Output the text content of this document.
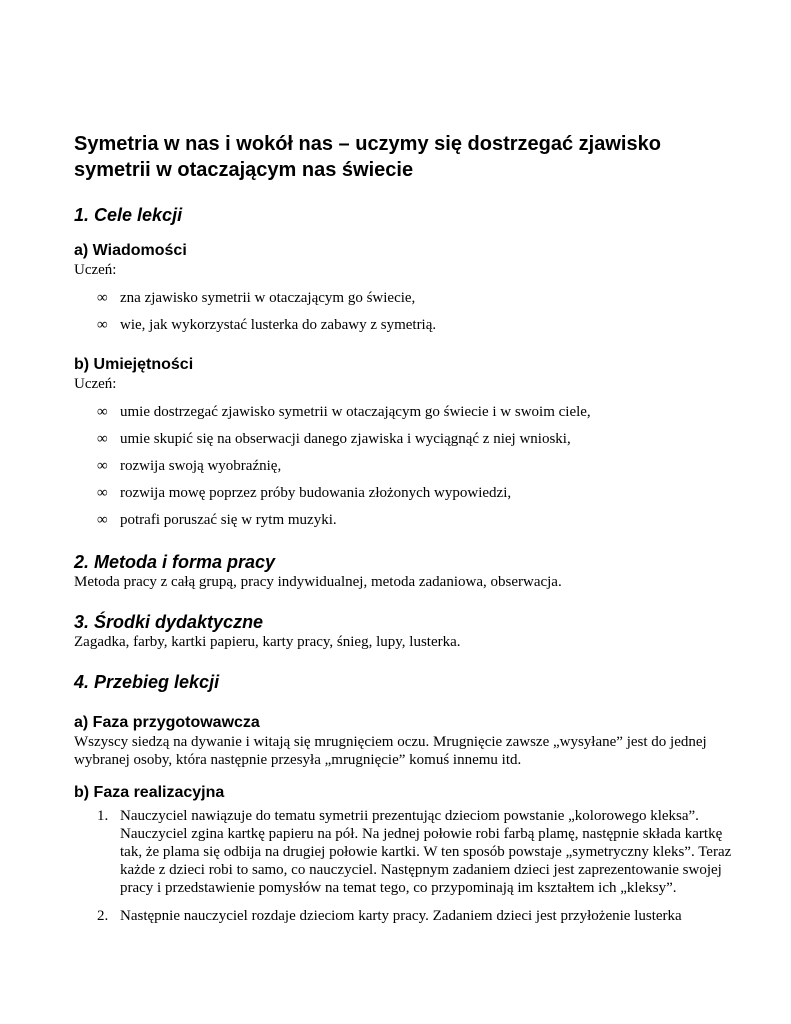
Symetria w nas i wokół nas – uczymy się dostrzegać zjawisko symetrii w otaczającym nas świecie
1. Cele lekcji
a) Wiadomości

Uczeń:

∞ zna zjawisko symetrii w otaczającym go świecie,
∞ wie, jak wykorzystać lusterka do zabawy z symetrią.
b) Umiejętności

Uczeń:

∞ umie dostrzegać zjawisko symetrii w otaczającym go świecie i w swoim ciele,
∞ umie skupić się na obserwacji danego zjawiska i wyciągnąć z niej wnioski,
∞ rozwija swoją wyobraźnię,
∞ rozwija mowę poprzez próby budowania złożonych wypowiedzi,
∞ potrafi poruszać się w rytm muzyki.
2. Metoda i forma pracy

Metoda pracy z całą grupą, pracy indywidualnej, metoda zadaniowa, obserwacja.

3. Środki dydaktyczne

Zagadka, farby, kartki papieru, karty pracy, śnieg, lupy, lusterka.

4. Przebieg lekcji
a) Faza przygotowawcza

Wszyscy siedzą na dywanie i witają się mrugnięciem oczu. Mrugnięcie zawsze „wysyłane” jest do jednej wybranej osoby, która następnie przesyła „mrugnięcie” komuś innemu itd.

b) Faza realizacyjna
1. Nauczyciel nawiązuje do tematu symetrii prezentując dzieciom powstanie „kolorowego kleksa”. Nauczyciel zgina kartkę papieru na pół. Na jednej połowie robi farbą plamę, następnie składa kartkę tak, że plama się odbija na drugiej połowie kartki. W ten sposób powstaje „symetryczny kleks”. Teraz każde z dzieci robi to samo, co nauczyciel. Następnym zadaniem dzieci jest zaprezentowanie swojej pracy i przedstawienie pomysłów na temat tego, co przypominają im kształtem ich „kleksy”.
2. Następnie nauczyciel rozdaje dzieciom karty pracy. Zadaniem dzieci jest przyłożenie lusterka
